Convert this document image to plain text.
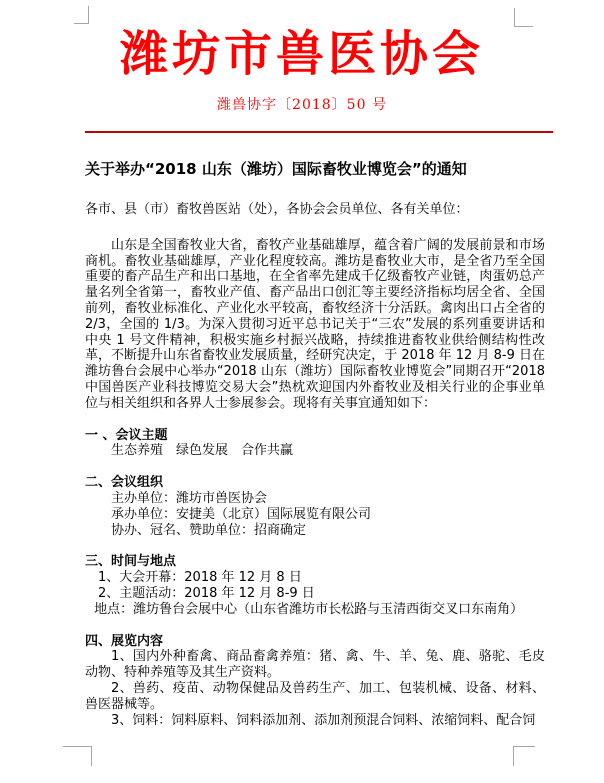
潍坊市兽医协会
潍兽协字〔2018〕50 号
关于举办“2018 山东（潍坊）国际畜牧业博览会”的通知

各市、县（市）畜牧兽医站（处），各协会会员单位、各有关单位：

山东是全国畜牧业大省，畜牧产业基础雄厚，蕴含着广阔的发展前景和市场商机。畜牧业基础雄厚，产业化程度较高。潍坊是畜牧业大市，是全省乃至全国重要的畜产品生产和出口基地，在全省率先建成千亿级畜牧产业链，肉蛋奶总产量名列全省第一，畜牧业产值、畜产品出口创汇等主要经济指标均居全省、全国前列，畜牧业标准化、产业化水平较高，畜牧经济十分活跃。禽肉出口占全省的2/3，全国的 1/3。为深入贯彻习近平总书记关于“三农”发展的系列重要讲话和中央 1 号文件精神，积极实施乡村振兴战略，持续推进畜牧业供给侧结构性改革，不断提升山东省畜牧业发展质量，经研究决定，于 2018 年 12 月 8-9 日在潍坊鲁台会展中心举办“2018 山东（潍坊）国际畜牧业博览会”同期召开“2018 中国兽医产业科技博览交易大会”热枕欢迎国内外畜牧业及相关行业的企事业单位与相关组织和各界人士参展参会。现将有关事宜通知如下：

一 、会议主题

生态养殖　绿色发展　合作共赢

二、会议组织

主办单位：潍坊市兽医协会

承办单位：安捷美（北京）国际展览有限公司

协办、冠名、赞助单位：招商确定

三、时间与地点

1、大会开幕：2018 年 12 月 8 日

2、主题活动：2018 年 12 月 8-9 日

地点：潍坊鲁台会展中心（山东省潍坊市长松路与玉清西街交叉口东南角）

四、展览内容

1、国内外种畜禽、商品畜禽养殖：猪、禽、牛、羊、兔、鹿、骆驼、毛皮动物、特种养殖等及其生产资料。

2、兽药、疫苗、动物保健品及兽药生产、加工、包装机械、设备、材料、兽医器械等。

3、饲料：饲料原料、饲料添加剂、添加剂预混合饲料、浓缩饲料、配合饲
